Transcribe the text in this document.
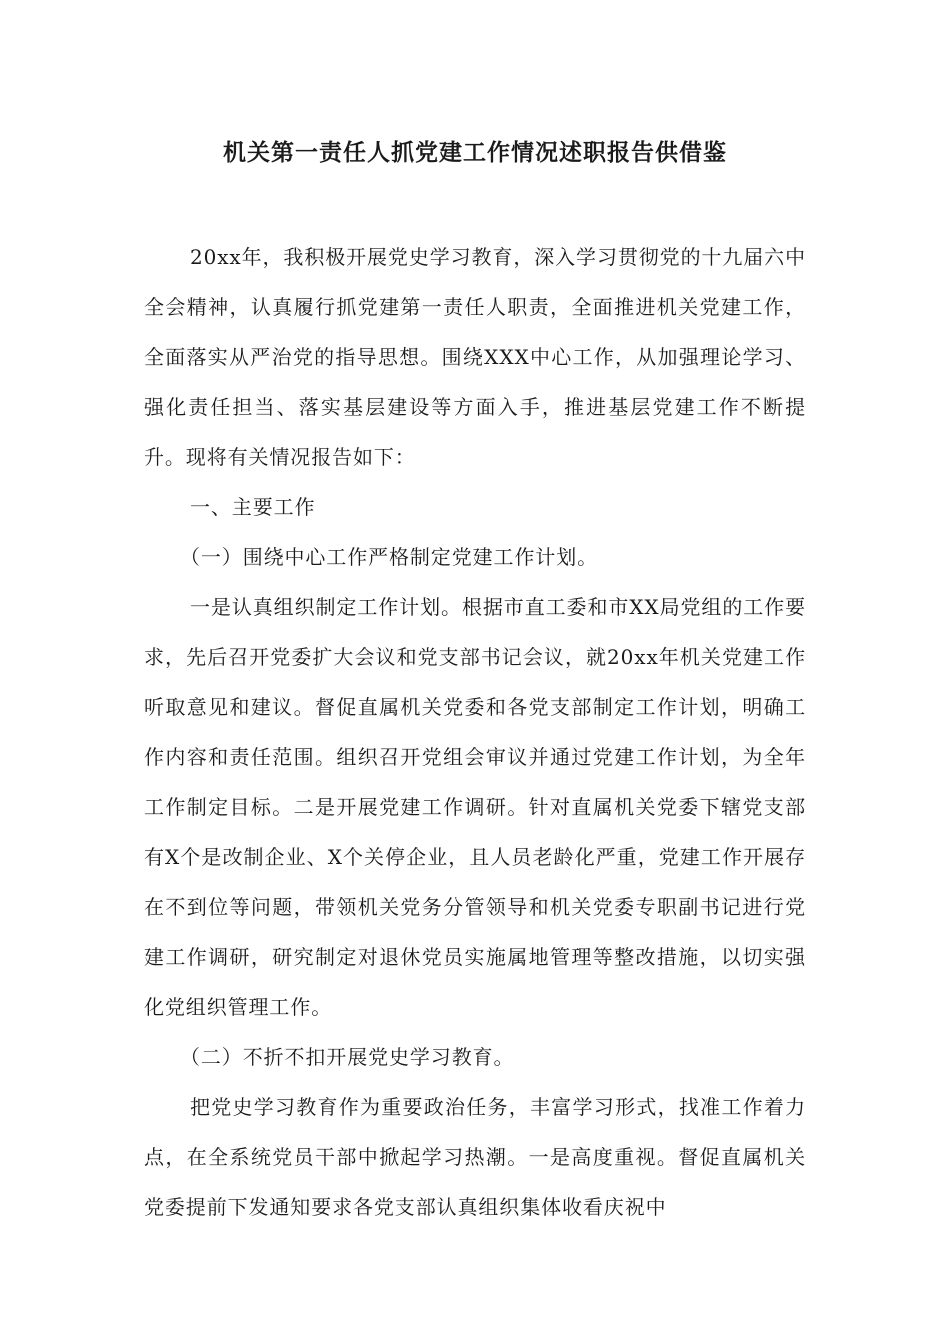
机关第一责任人抓党建工作情况述职报告供借鉴

20xx年，我积极开展党史学习教育，深入学习贯彻党的十九届六中全会精神，认真履行抓党建第一责任人职责，全面推进机关党建工作，全面落实从严治党的指导思想。围绕XXX中心工作，从加强理论学习、强化责任担当、落实基层建设等方面入手，推进基层党建工作不断提升。现将有关情况报告如下：

一、主要工作

（一）围绕中心工作严格制定党建工作计划。

一是认真组织制定工作计划。根据市直工委和市XX局党组的工作要求，先后召开党委扩大会议和党支部书记会议，就20xx年机关党建工作听取意见和建议。督促直属机关党委和各党支部制定工作计划，明确工作内容和责任范围。组织召开党组会审议并通过党建工作计划，为全年工作制定目标。二是开展党建工作调研。针对直属机关党委下辖党支部有X个是改制企业、X个关停企业，且人员老龄化严重，党建工作开展存在不到位等问题，带领机关党务分管领导和机关党委专职副书记进行党建工作调研，研究制定对退休党员实施属地管理等整改措施，以切实强化党组织管理工作。

（二）不折不扣开展党史学习教育。

把党史学习教育作为重要政治任务，丰富学习形式，找准工作着力点，在全系统党员干部中掀起学习热潮。一是高度重视。督促直属机关党委提前下发通知要求各党支部认真组织集体收看庆祝中
